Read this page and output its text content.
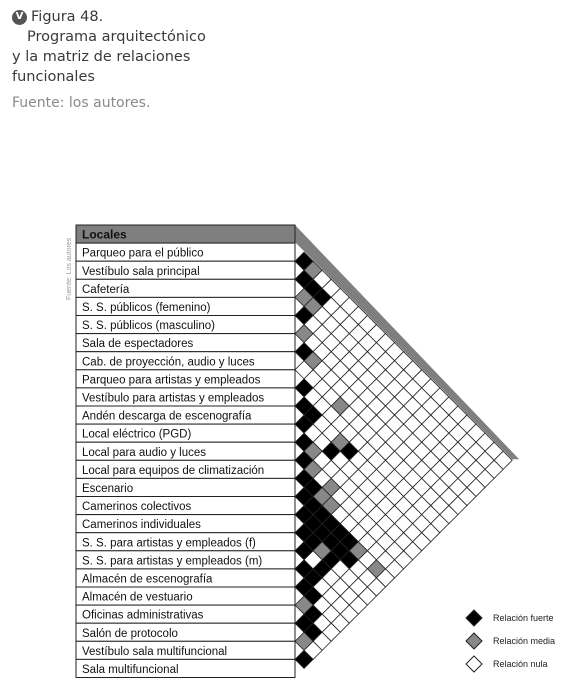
V Figura 48.
Programa arquitectónico
y la matriz de relaciones
funcionales
Fuente: los autores.
Locales
Parqueo para el público
Vestíbulo sala principal
Cafetería
S. S. públicos (femenino)
S. S. públicos (masculino)
Sala de espectadores
Cab. de proyección, audio y luces
Parqueo para artistas y empleados
Vestíbulo para artistas y empleados
Andén descarga de escenografía
Local eléctrico (PGD)
Local para audio y luces
Local para equipos de climatización
Escenario
Camerinos colectivos
Camerinos individuales
S. S. para artistas y empleados (f)
S. S. para artistas y empleados (m)
Almacén de escenografía
Almacén de vestuario
Oficinas administrativas
Salón de protocolo
Vestíbulo sala multifuncional
Sala multifuncional
Fuente: Los autores
Relación fuerte
Relación media
Relación nula
